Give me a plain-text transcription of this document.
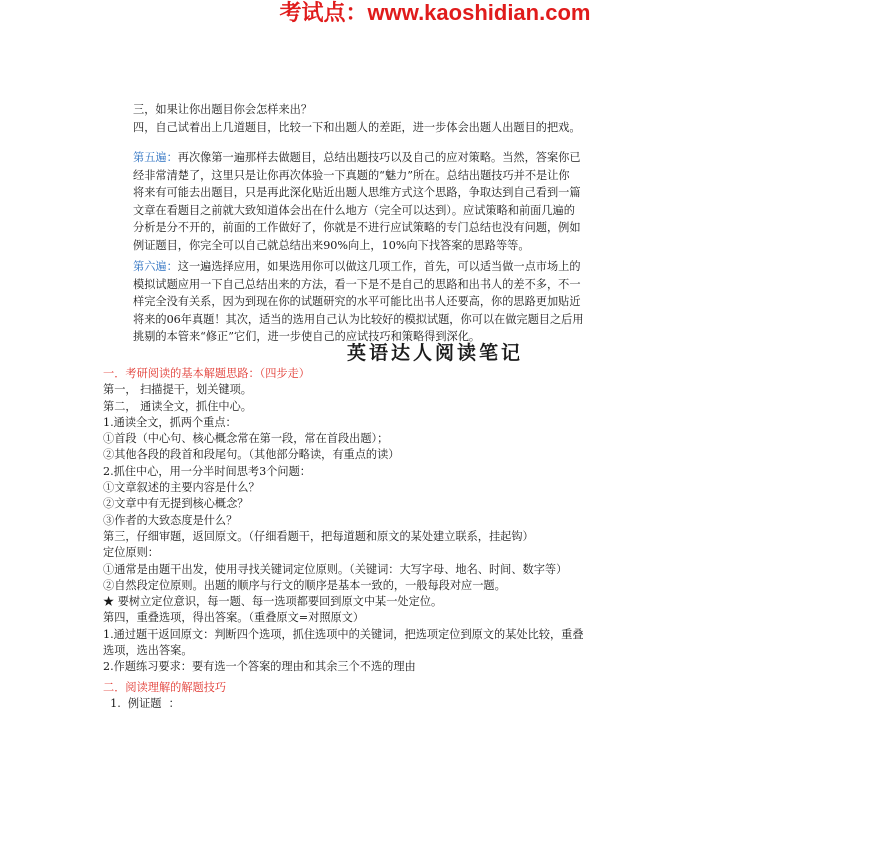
考试点：www.kaoshidian.com
三，如果让你出题目你会怎样来出？
四，自己试着出上几道题目，比较一下和出题人的差距，进一步体会出题人出题目的把戏。
第五遍：再次像第一遍那样去做题目，总结出题技巧以及自己的应对策略。当然，答案你已
经非常清楚了，这里只是让你再次体验一下真题的“魅力”所在。总结出题技巧并不是让你
将来有可能去出题目，只是再此深化贴近出题人思维方式这个思路，争取达到自己看到一篇
文章在看题目之前就大致知道体会出在什么地方（完全可以达到）。应试策略和前面几遍的
分析是分不开的，前面的工作做好了，你就是不进行应试策略的专门总结也没有问题，例如
例证题目，你完全可以自己就总结出来90%向上，10%向下找答案的思路等等。
第六遍：这一遍选择应用，如果选用你可以做这几项工作，首先，可以适当做一点市场上的
模拟试题应用一下自己总结出来的方法，看一下是不是自己的思路和出书人的差不多，不一
样完全没有关系，因为到现在你的试题研究的水平可能比出书人还要高，你的思路更加贴近
将来的06年真题！其次，适当的选用自己认为比较好的模拟试题，你可以在做完题目之后用
挑剔的本管来“修正”它们，进一步使自己的应试技巧和策略得到深化。
英语达人阅读笔记
一．考研阅读的基本解题思路：（四步走）
第一， 扫描提干，划关键项。
第二， 通读全文，抓住中心。
1.通读全文，抓两个重点：
①首段（中心句、核心概念常在第一段，常在首段出题）；
②其他各段的段首和段尾句。（其他部分略读，有重点的读）
2.抓住中心，用一分半时间思考3个问题：
①文章叙述的主要内容是什么？
②文章中有无提到核心概念？
③作者的大致态度是什么？
第三，仔细审题，返回原文。（仔细看题干，把每道题和原文的某处建立联系，挂起钩）
定位原则：
①通常是由题干出发，使用寻找关键词定位原则。（关键词：大写字母、地名、时间、数字等）
②自然段定位原则。出题的顺序与行文的顺序是基本一致的，一般每段对应一题。
★ 要树立定位意识，每一题、每一选项都要回到原文中某一处定位。
第四，重叠选项，得出答案。（重叠原文=对照原文）
1.通过题干返回原文：判断四个选项，抓住选项中的关键词，把选项定位到原文的某处比较，重叠
选项，选出答案。
2.作题练习要求：要有选一个答案的理由和其余三个不选的理由
二．阅读理解的解题技巧
1.  例证题  ：
